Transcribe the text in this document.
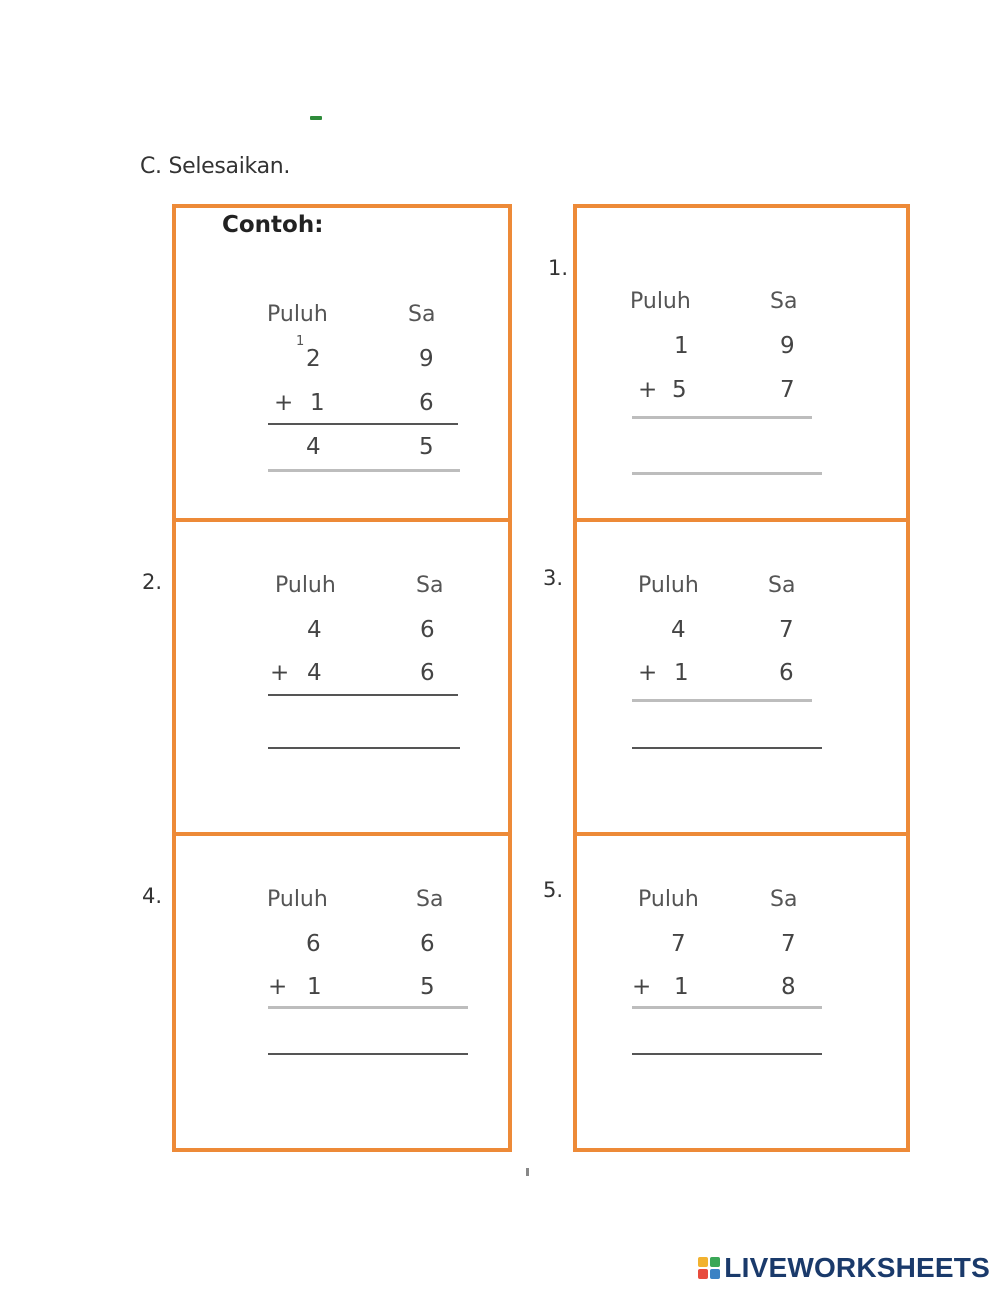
C. Selesaikan.
Contoh:
Puluh	Sa
1
2	9
+ 1	6
4	5
1.
Puluh	Sa
1	9
+ 5	7
2.	Puluh	Sa
4	6
+ 4	6
3.	Puluh	Sa
4	7
+ 1	6
4.	Puluh	Sa
6	6
+ 1	5
5.	Puluh	Sa
7	7
+ 1	8
LIVEWORKSHEETS
